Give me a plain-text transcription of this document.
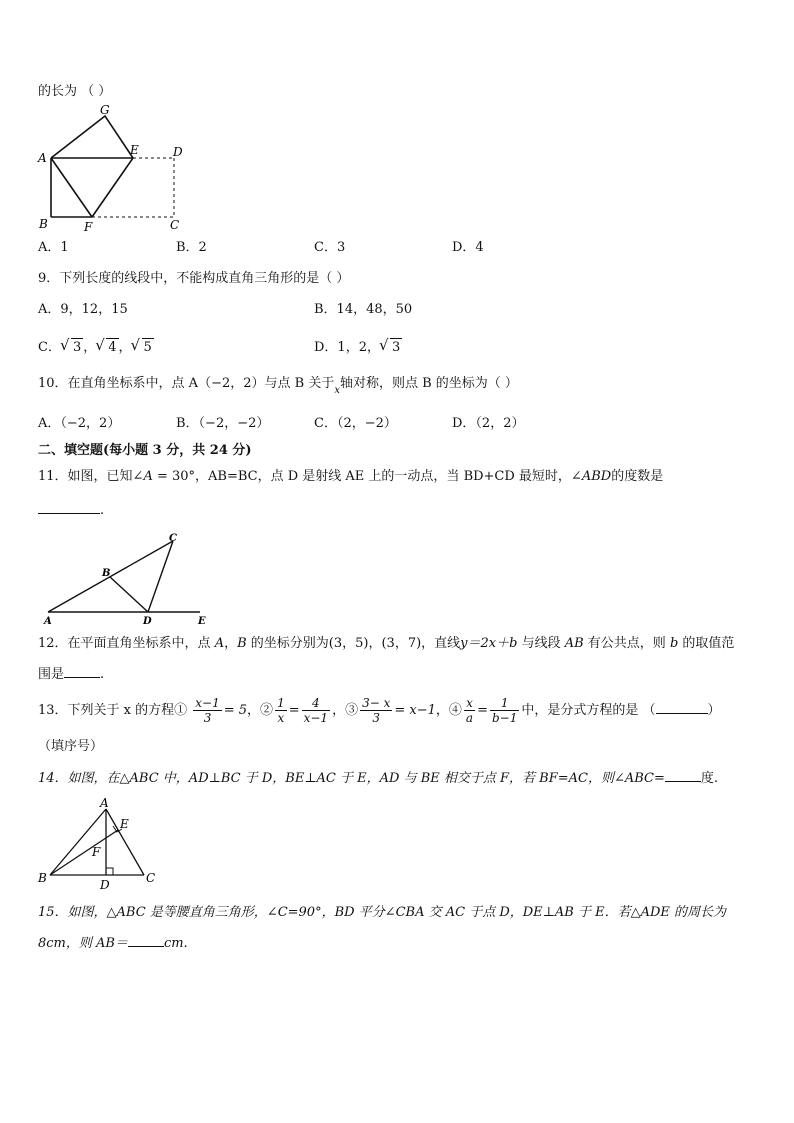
的长为 （ ）
A
G
E	D
B	F	C
A．1	B．2	C．3	D．4
9．下列长度的线段中，不能构成直角三角形的是（ ）
A．9，12，15	B．14，48，50
C． √ 3 ， √ 4 ， √ 5	D．1，2， √ 3
10．在直角坐标系中，点 A（−2，2）与点 B 关于$_x$轴对称，则点 B 的坐标为（ ）
A．（−2，2）	B．（−2，−2）	C．（2，−2）	D．（2，2）
二、填空题(每小题 3 分，共 24 分)
11．如图，已知∠A = 30°，AB=BC，点 D 是射线 AE 上的一动点，当 BD+CD 最短时，∠ABD的度数是
.
A
B
C
D	E
12．在平面直角坐标系中，点 A，B 的坐标分别为(3，5)，(3，7)，直线y＝2x＋b 与线段 AB 有公共点，则 b 的取值范
围是	.
13．下列关于 x 的方程① $\frac{x-1}{3} = 5$，② $\frac{1}{x} = \frac{4}{x-1}$ ，③ $\frac{3- x}{3} = x-1$，④ $\frac{x}{a} = \frac{1}{b-1}$ 中，是分式方程的是 （	）
（填序号）
14．如图，在△ABC 中，AD⊥BC 于 D，BE⊥AC 于 E，AD 与 BE 相交于点 F，若 BF=AC，则∠ABC=	度.
A
E
F
B	D	C
15．如图，△ABC 是等腰直角三角形，∠C=90°，BD 平分∠CBA 交 AC 于点 D，DE⊥AB 于 E．若△ADE 的周长为
8cm，则 AB＝	cm.
